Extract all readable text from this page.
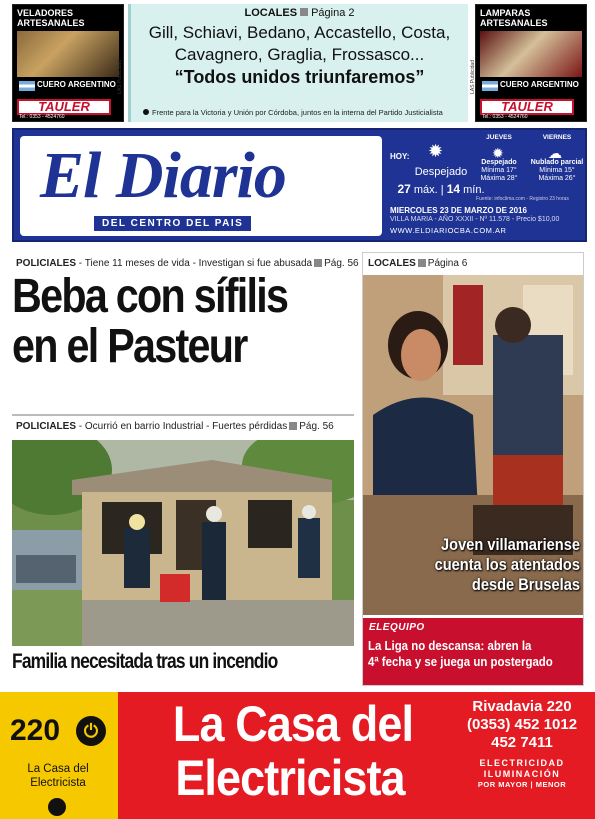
VELADORES ARTESANALES
CUERO ARGENTINO
TAULER
Tel.: 0353 - 4524760
LAS Publicidad
LOCALES Página 2
Gill, Schiavi, Bedano, Accastello, Costa,
Cavagnero, Graglia, Frossasco...
“Todos unidos triunfaremos”
Frente para la Victoria y Unión por Córdoba, juntos en la interna del Partido Justicialista
LAMPARAS ARTESANALES
CUERO ARGENTINO
TAULER
Tel.: 0353 - 4524760
LAS Publicidad
El Diario
DEL CENTRO DEL PAIS
HOY: ✹
Despejado
27 máx. | 14 mín.
JUEVES
✹
Despejado
Mínima 17°
Máxima 28°
VIERNES
☁
Nublado parcial
Mínima 15°
Máxima 26°
Fuente: infoclima.com - Registro 23 horas
MIERCOLES 23 DE MARZO DE 2016
VILLA MARIA - AÑO XXXII - Nº 11.578 - Precio $10,00
WWW.ELDIARIOCBA.COM.AR
POLICIALES - Tiene 11 meses de vida - Investigan si fue abusada Pág. 56
Beba con sífilis
en el Pasteur
POLICIALES - Ocurrió en barrio Industrial - Fuertes pérdidas Pág. 56
Familia necesitada tras un incendio
LOCALES Página 6
Joven villamariense
cuenta los atentados
desde Bruselas
ELEQUIPO
La Liga no descansa: abren la
4ª fecha y se juega un postergado
220	⏻
La Casa del
Electricista
La Casa del
Electricista
Rivadavia 220
(0353) 452 1012
452 7411
ELECTRICIDAD
ILUMINACIÓN
POR MAYOR | MENOR
